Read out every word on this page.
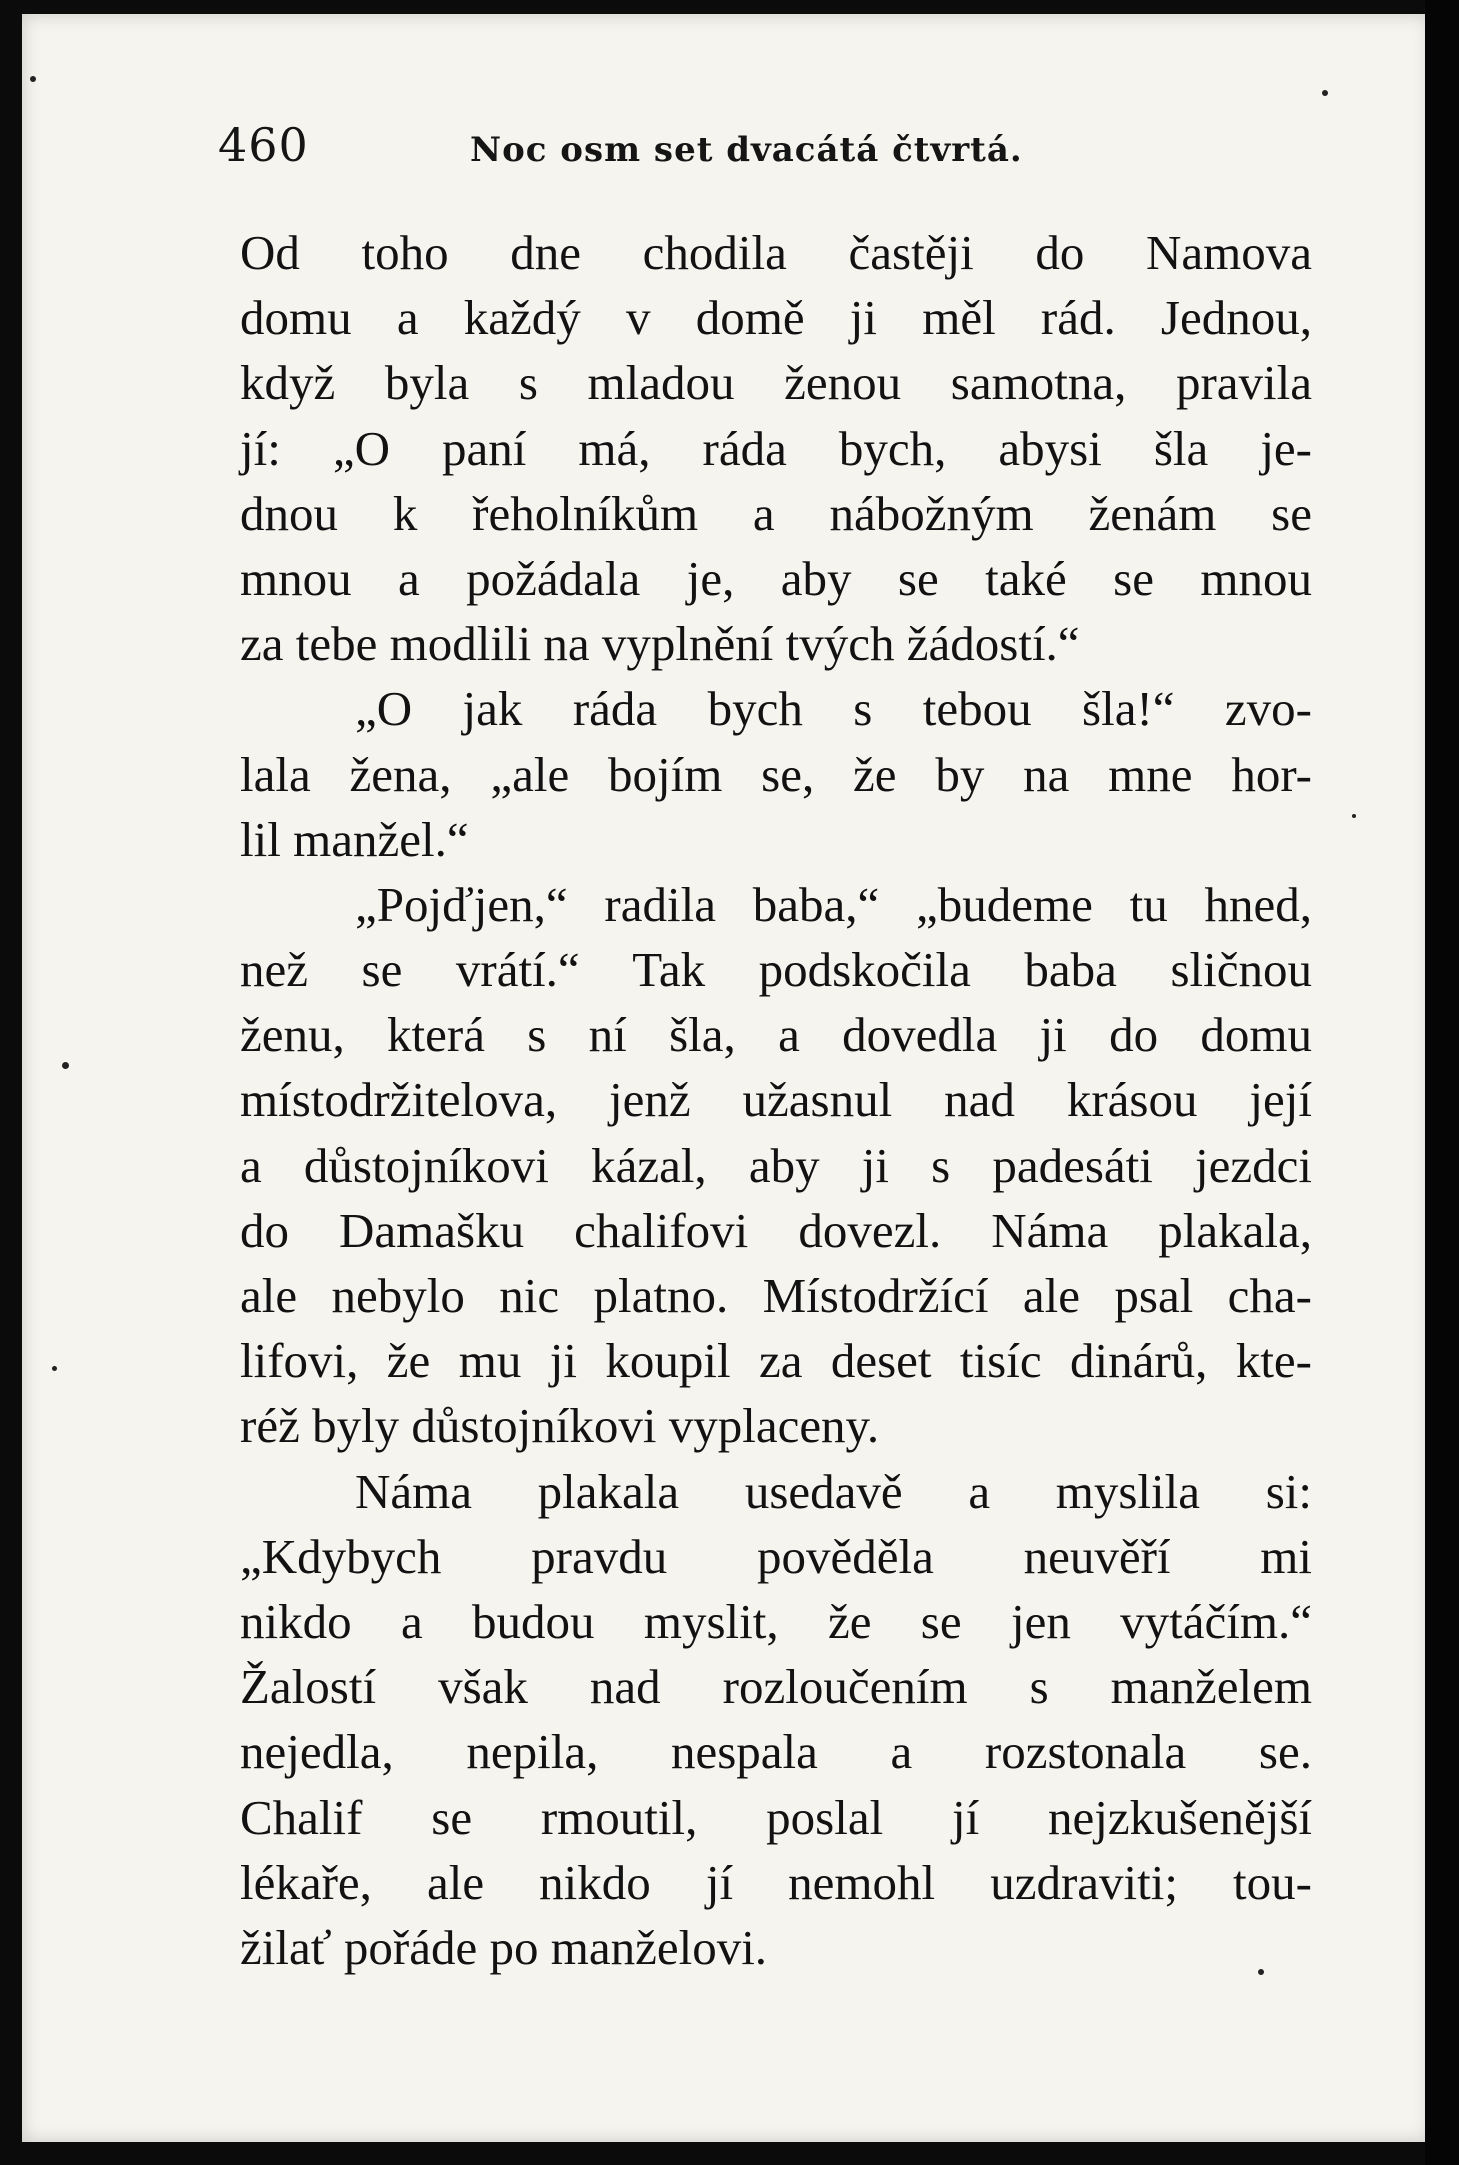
460	Noc osm set dvacátá čtvrtá.
Od toho dne chodila častěji do Namova
domu a každý v domě ji měl rád. Jednou,
když byla s mladou ženou samotna, pravila
jí: „O paní má, ráda bych, abysi šla je-
dnou k řeholníkům a nábožným ženám se
mnou a požádala je, aby se také se mnou
za tebe modlili na vyplnění tvých žádostí.“
„O jak ráda bych s tebou šla!“ zvo-
lala žena, „ale bojím se, že by na mne hor-
lil manžel.“
„Pojďjen,“ radila baba,“ „budeme tu hned,
než se vrátí.“ Tak podskočila baba sličnou
ženu, která s ní šla, a dovedla ji do domu
místodržitelova, jenž užasnul nad krásou její
a důstojníkovi kázal, aby ji s padesáti jezdci
do Damašku chalifovi dovezl. Náma plakala,
ale nebylo nic platno. Místodržící ale psal cha-
lifovi, že mu ji koupil za deset tisíc dinárů, kte-
réž byly důstojníkovi vyplaceny.
Náma plakala usedavě a myslila si:
„Kdybych pravdu pověděla neuvěří mi
nikdo a budou myslit, že se jen vytáčím.“
Žalostí však nad rozloučením s manželem
nejedla, nepila, nespala a rozstonala se.
Chalif se rmoutil, poslal jí nejzkušenější
lékaře, ale nikdo jí nemohl uzdraviti; tou-
žilať pořáde po manželovi.
